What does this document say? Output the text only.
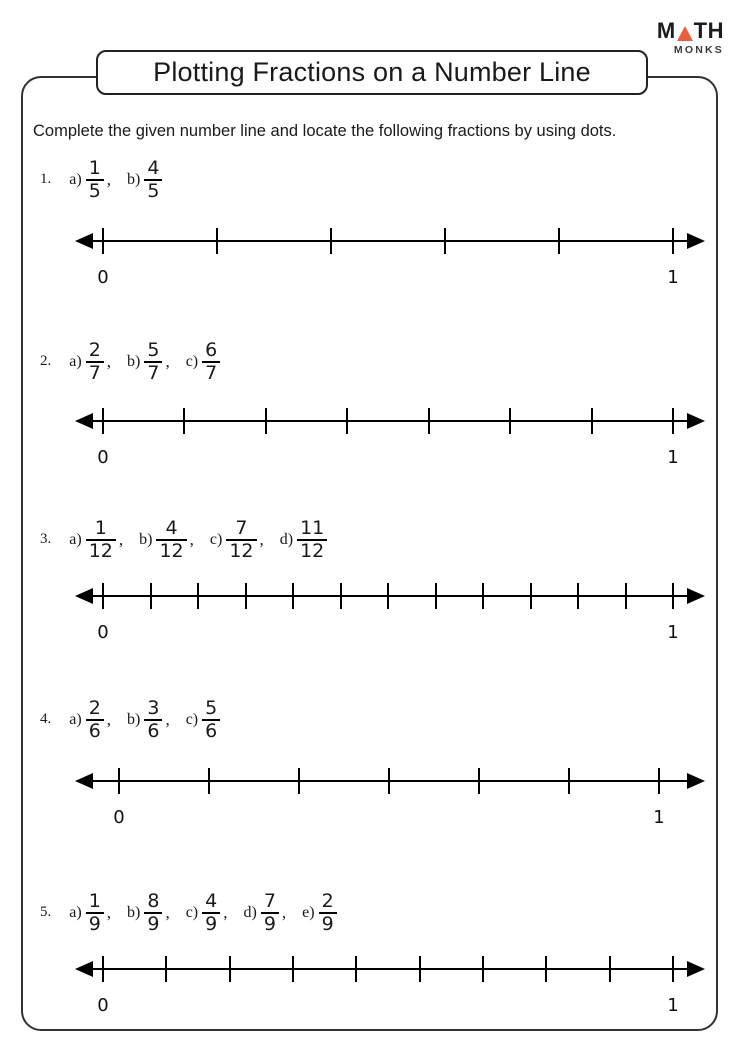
M TH
MONKS
Plotting Fractions on a Number Line
Complete the given number line and locate the following fractions by using dots.
1. $a) \frac{1}{5}$ , $b) \frac{4}{5}$
0	1
2. $a) \frac{2}{7}$ , $b) \frac{5}{7}$ , $c) \frac{6}{7}$
0	1
3. $a) \frac{1}{12}$ , $b) \frac{4}{12}$ , $c) \frac{7}{12}$ , $d) \frac{11}{12}$
0	1
4. $a) \frac{2}{6}$ , $b) \frac{3}{6}$ , $c) \frac{5}{6}$
0	1
5. $a) \frac{1}{9}$ , $b) \frac{8}{9}$ , $c) \frac{4}{9}$ , $d) \frac{7}{9}$ , $e) \frac{2}{9}$
0	1
